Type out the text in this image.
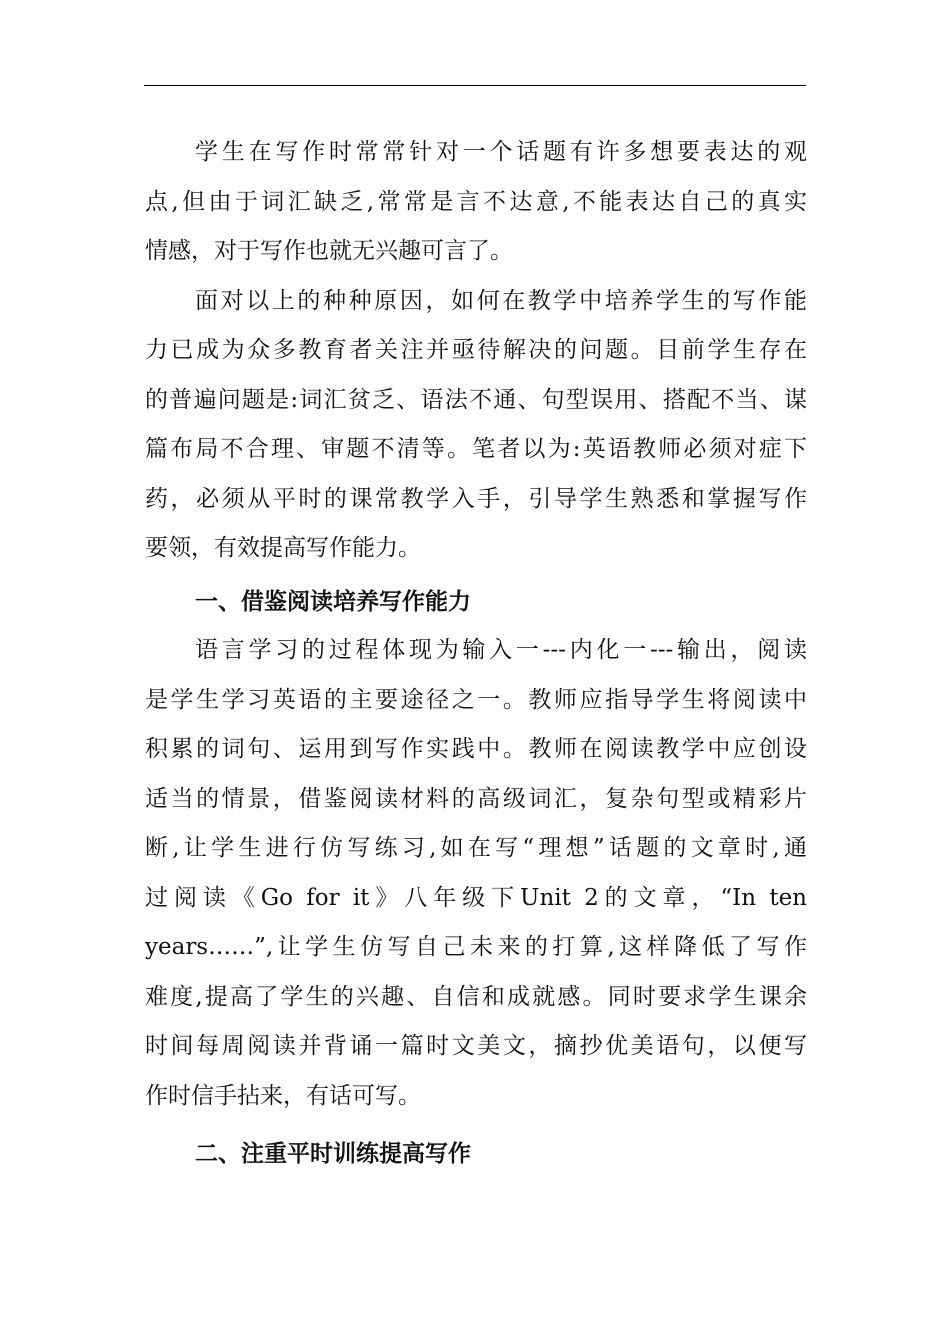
学生在写作时常常针对一个话题有许多想要表达的观
点,但由于词汇缺乏,常常是言不达意,不能表达自己的真实
情感，对于写作也就无兴趣可言了。
面对以上的种种原因，如何在教学中培养学生的写作能
力已成为众多教育者关注并亟待解决的问题。目前学生存在
的普遍问题是:词汇贫乏、语法不通、句型误用、搭配不当、谋
篇布局不合理、审题不清等。笔者以为:英语教师必须对症下
药，必须从平时的课常教学入手，引导学生熟悉和掌握写作
要领，有效提高写作能力。
一、借鉴阅读培养写作能力
语言学习的过程体现为输入一---内化一---输出，阅读
是学生学习英语的主要途径之一。教师应指导学生将阅读中
积累的词句、运用到写作实践中。教师在阅读教学中应创设
适当的情景，借鉴阅读材料的高级词汇，复杂句型或精彩片
断,让学生进行仿写练习,如在写“理想”话题的文章时,通
过阅读《Go for it》八年级下Unit 2的文章，“In ten
years……”,让学生仿写自己未来的打算,这样降低了写作
难度,提高了学生的兴趣、自信和成就感。同时要求学生课余
时间每周阅读并背诵一篇时文美文，摘抄优美语句，以便写
作时信手拈来，有话可写。
二、注重平时训练提高写作
